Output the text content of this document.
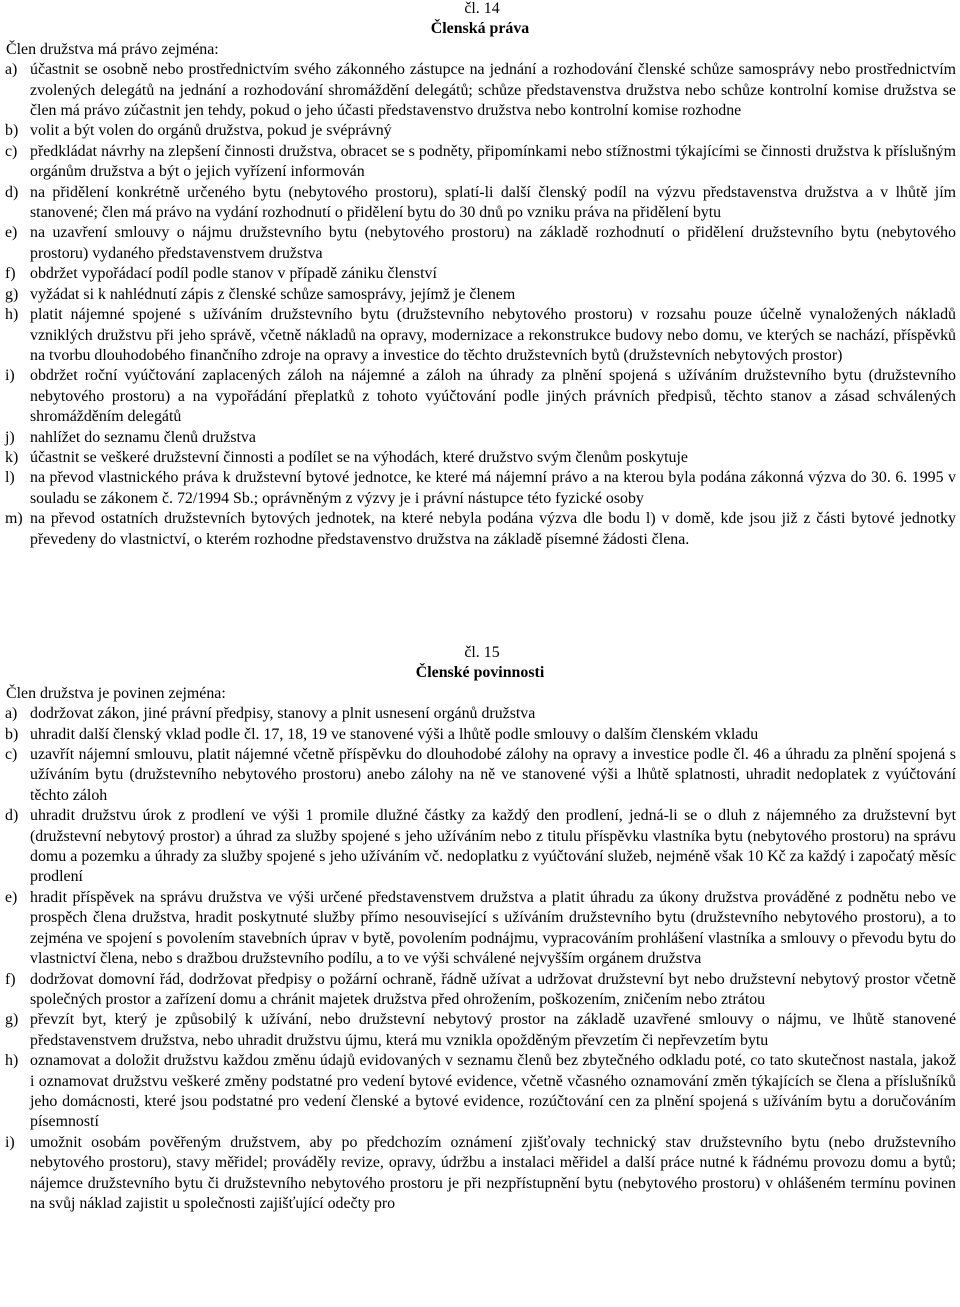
čl. 14

Členská práva

Člen družstva má právo zejména:

a) účastnit se osobně nebo prostřednictvím svého zákonného zástupce na jednání a rozhodování členské schůze samosprávy nebo prostřednictvím zvolených delegátů na jednání a rozhodování shromáždění delegátů; schůze představenstva družstva nebo schůze kontrolní komise družstva se člen má právo zúčastnit jen tehdy, pokud o jeho účasti představenstvo družstva nebo kontrolní komise rozhodne
b) volit a být volen do orgánů družstva, pokud je svéprávný
c) předkládat návrhy na zlepšení činnosti družstva, obracet se s podněty, připomínkami nebo stížnostmi týkajícími se činnosti družstva k příslušným orgánům družstva a být o jejich vyřízení informován
d) na přidělení konkrétně určeného bytu (nebytového prostoru), splatí-li další členský podíl na výzvu představenstva družstva a v lhůtě jím stanovené; člen má právo na vydání rozhodnutí o přidělení bytu do 30 dnů po vzniku práva na přidělení bytu
e) na uzavření smlouvy o nájmu družstevního bytu (nebytového prostoru) na základě rozhodnutí o přidělení družstevního bytu (nebytového prostoru) vydaného představenstvem družstva
f) obdržet vypořádací podíl podle stanov v případě zániku členství
g) vyžádat si k nahlédnutí zápis z členské schůze samosprávy, jejímž je členem
h) platit nájemné spojené s užíváním družstevního bytu (družstevního nebytového prostoru) v rozsahu pouze účelně vynaložených nákladů vzniklých družstvu při jeho správě, včetně nákladů na opravy, modernizace a rekonstrukce budovy nebo domu, ve kterých se nachází, příspěvků na tvorbu dlouhodobého finančního zdroje na opravy a investice do těchto družstevních bytů (družstevních nebytových prostor)
i) obdržet roční vyúčtování zaplacených záloh na nájemné a záloh na úhrady za plnění spojená s užíváním družstevního bytu (družstevního nebytového prostoru) a na vypořádání přeplatků z tohoto vyúčtování podle jiných právních předpisů, těchto stanov a zásad schválených shromážděním delegátů
j) nahlížet do seznamu členů družstva
k) účastnit se veškeré družstevní činnosti a podílet se na výhodách, které družstvo svým členům poskytuje
l) na převod vlastnického práva k družstevní bytové jednotce, ke které má nájemní právo a na kterou byla podána zákonná výzva do 30. 6. 1995 v souladu se zákonem č. 72/1994 Sb.; oprávněným z výzvy je i právní nástupce této fyzické osoby
m) na převod ostatních družstevních bytových jednotek, na které nebyla podána výzva dle bodu l) v domě, kde jsou již z části bytové jednotky převedeny do vlastnictví, o kterém rozhodne představenstvo družstva na základě písemné žádosti člena.

čl. 15

Členské povinnosti

Člen družstva je povinen zejména:

a) dodržovat zákon, jiné právní předpisy, stanovy a plnit usnesení orgánů družstva
b) uhradit další členský vklad podle čl. 17, 18, 19 ve stanovené výši a lhůtě podle smlouvy o dalším členském vkladu
c) uzavřít nájemní smlouvu, platit nájemné včetně příspěvku do dlouhodobé zálohy na opravy a investice podle čl. 46 a úhradu za plnění spojená s užíváním bytu (družstevního nebytového prostoru) anebo zálohy na ně ve stanovené výši a lhůtě splatnosti, uhradit nedoplatek z vyúčtování těchto záloh
d) uhradit družstvu úrok z prodlení ve výši 1 promile dlužné částky za každý den prodlení, jedná-li se o dluh z nájemného za družstevní byt (družstevní nebytový prostor) a úhrad za služby spojené s jeho užíváním nebo z titulu příspěvku vlastníka bytu (nebytového prostoru) na správu domu a pozemku a úhrady za služby spojené s jeho užíváním vč. nedoplatku z vyúčtování služeb, nejméně však 10 Kč za každý i započatý měsíc prodlení
e) hradit příspěvek na správu družstva ve výši určené představenstvem družstva a platit úhradu za úkony družstva prováděné z podnětu nebo ve prospěch člena družstva, hradit poskytnuté služby přímo nesouvisející s užíváním družstevního bytu (družstevního nebytového prostoru), a to zejména ve spojení s povolením stavebních úprav v bytě, povolením podnájmu, vypracováním prohlášení vlastníka a smlouvy o převodu bytu do vlastnictví člena, nebo s dražbou družstevního podílu, a to ve výši schválené nejvyšším orgánem družstva
f) dodržovat domovní řád, dodržovat předpisy o požární ochraně, řádně užívat a udržovat družstevní byt nebo družstevní nebytový prostor včetně společných prostor a zařízení domu a chránit majetek družstva před ohrožením, poškozením, zničením nebo ztrátou
g) převzít byt, který je způsobilý k užívání, nebo družstevní nebytový prostor na základě uzavřené smlouvy o nájmu, ve lhůtě stanovené představenstvem družstva, nebo uhradit družstvu újmu, která mu vznikla opožděným převzetím či nepřevzetím bytu
h) oznamovat a doložit družstvu každou změnu údajů evidovaných v seznamu členů bez zbytečného odkladu poté, co tato skutečnost nastala, jakož i oznamovat družstvu veškeré změny podstatné pro vedení bytové evidence, včetně včasného oznamování změn týkajících se člena a příslušníků jeho domácnosti, které jsou podstatné pro vedení členské a bytové evidence, rozúčtování cen za plnění spojená s užíváním bytu a doručováním písemností
i) umožnit osobám pověřeným družstvem, aby po předchozím oznámení zjišťovaly technický stav družstevního bytu (nebo družstevního nebytového prostoru), stavy měřidel; prováděly revize, opravy, údržbu a instalaci měřidel a další práce nutné k řádnému provozu domu a bytů; nájemce družstevního bytu či družstevního nebytového prostoru je při nezpřístupnění bytu (nebytového prostoru) v ohlášeném termínu povinen na svůj náklad zajistit u společnosti zajišťující odečty pro
